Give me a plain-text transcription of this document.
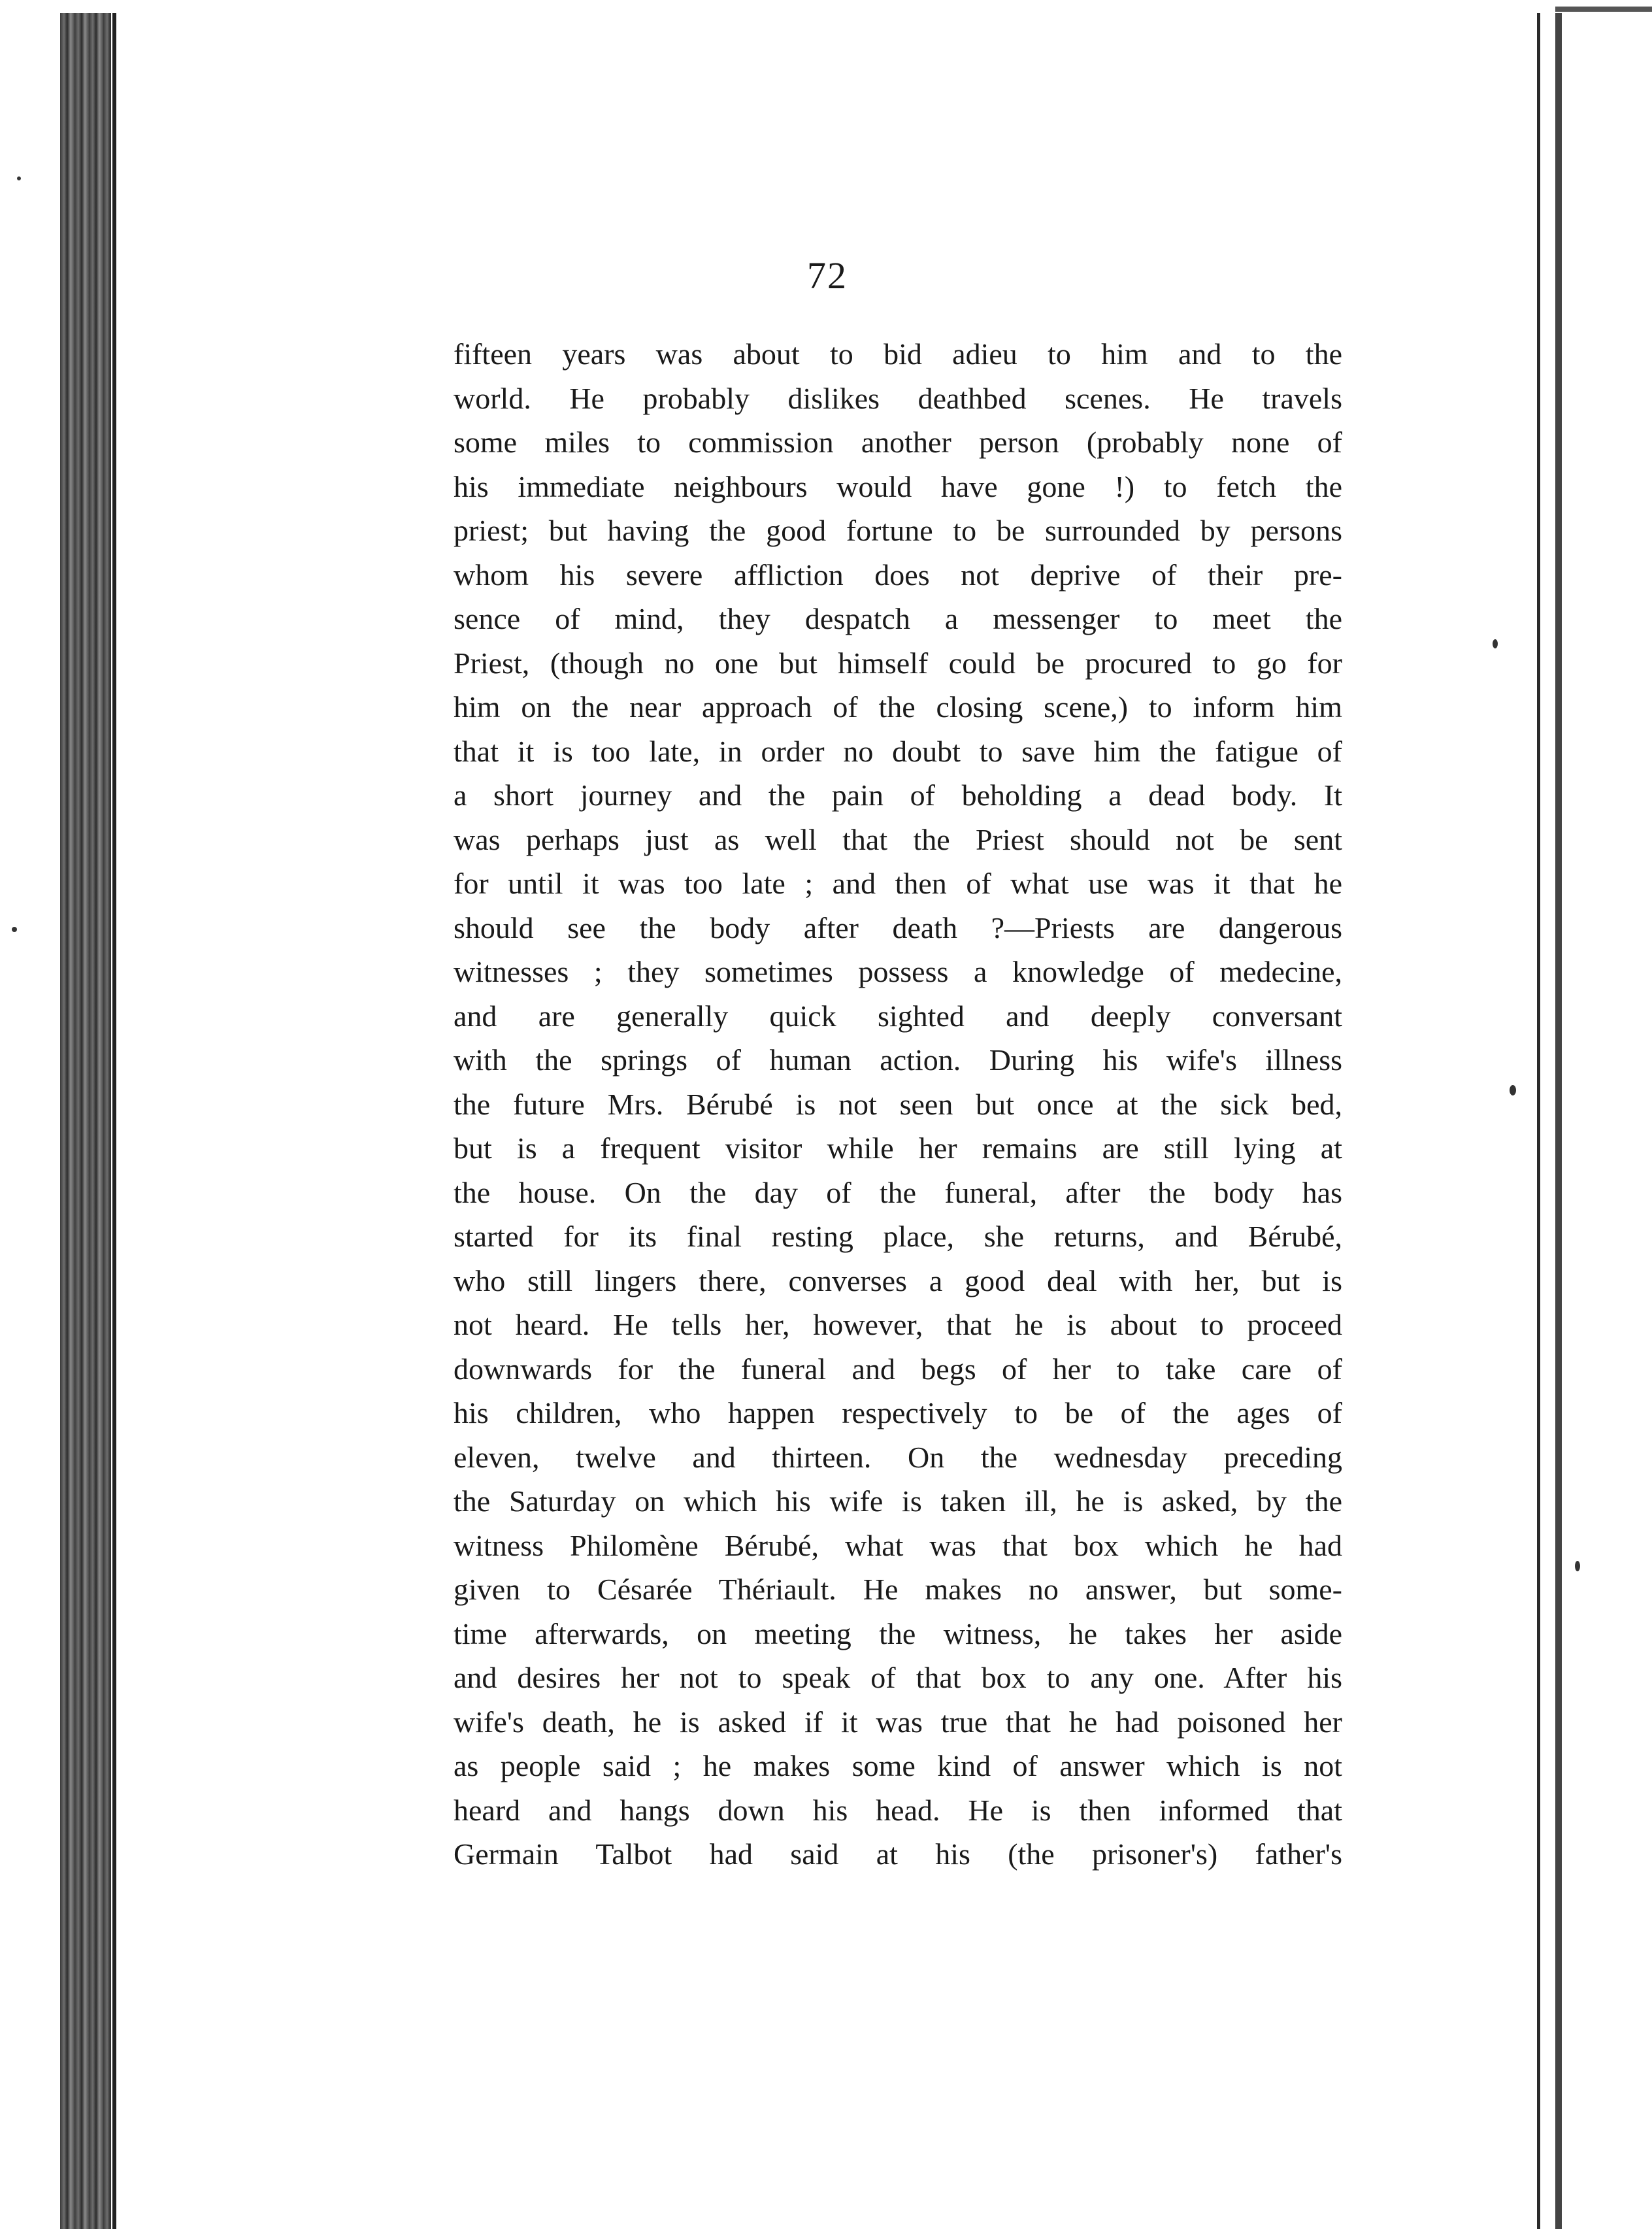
72
fifteen years was about to bid adieu to him and to the
world. He probably dislikes deathbed scenes. He travels
some miles to commission another person (probably none of
his immediate neighbours would have gone !) to fetch the
priest; but having the good fortune to be surrounded by persons
whom his severe affliction does not deprive of their pre-
sence of mind, they despatch a messenger to meet the
Priest, (though no one but himself could be procured to go for
him on the near approach of the closing scene,) to inform him
that it is too late, in order no doubt to save him the fatigue of
a short journey and the pain of beholding a dead body. It
was perhaps just as well that the Priest should not be sent
for until it was too late ; and then of what use was it that he
should see the body after death ?—Priests are dangerous
witnesses ; they sometimes possess a knowledge of medecine,
and are generally quick sighted and deeply conversant
with the springs of human action. During his wife's illness
the future Mrs. Bérubé is not seen but once at the sick bed,
but is a frequent visitor while her remains are still lying at
the house. On the day of the funeral, after the body has
started for its final resting place, she returns, and Bérubé,
who still lingers there, converses a good deal with her, but is
not heard. He tells her, however, that he is about to proceed
downwards for the funeral and begs of her to take care of
his children, who happen respectively to be of the ages of
eleven, twelve and thirteen. On the wednesday preceding
the Saturday on which his wife is taken ill, he is asked, by the
witness Philomène Bérubé, what was that box which he had
given to Césarée Thériault. He makes no answer, but some-
time afterwards, on meeting the witness, he takes her aside
and desires her not to speak of that box to any one. After his
wife's death, he is asked if it was true that he had poisoned her
as people said ; he makes some kind of answer which is not
heard and hangs down his head. He is then informed that
Germain Talbot had said at his (the prisoner's) father's
